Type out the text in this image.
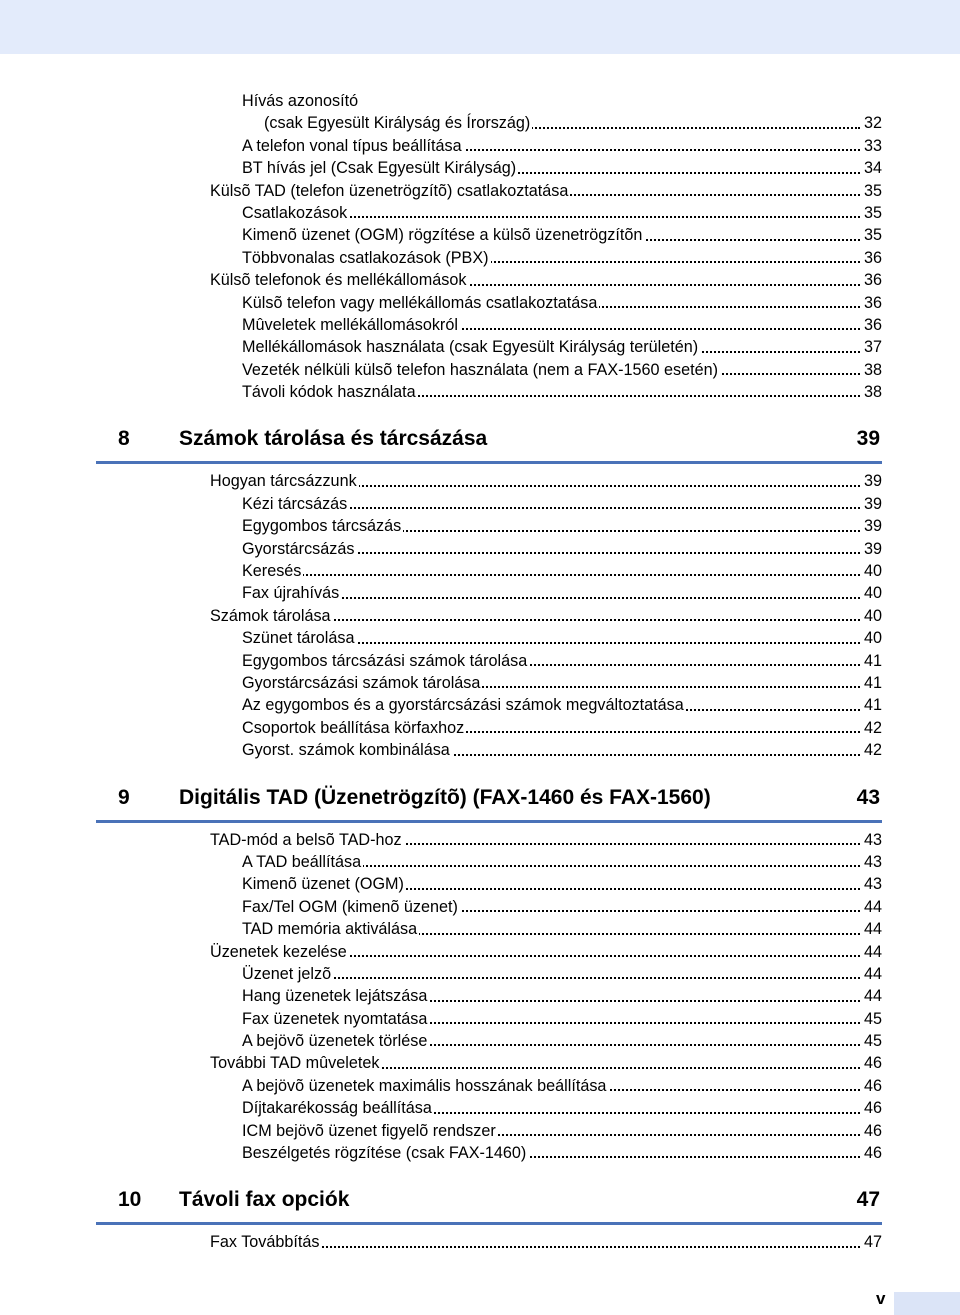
Hívás azonosító
(csak Egyesült Királyság és Írország)	32
A telefon vonal típus beállítása	33
BT hívás jel (Csak Egyesült Királyság)	34
Külsõ TAD (telefon üzenetrögzítõ) csatlakoztatása	35
Csatlakozások	35
Kimenõ üzenet (OGM) rögzítése a külsõ üzenetrögzítõn	35
Többvonalas csatlakozások (PBX)	36
Külsõ telefonok és mellékállomások	36
Külsõ telefon vagy mellékállomás csatlakoztatása	36
Mûveletek mellékállomásokról	36
Mellékállomások használata (csak Egyesült Királyság területén)	37
Vezeték nélküli külsõ telefon használata (nem a FAX-1560 esetén)	38
Távoli kódok használata	38
8 Számok tárolása és tárcsázása	39
Hogyan tárcsázzunk	39
Kézi tárcsázás	39
Egygombos tárcsázás	39
Gyorstárcsázás	39
Keresés	40
Fax újrahívás	40
Számok tárolása	40
Szünet tárolása	40
Egygombos tárcsázási számok tárolása	41
Gyorstárcsázási számok tárolása	41
Az egygombos és a gyorstárcsázási számok megváltoztatása	41
Csoportok beállítása körfaxhoz	42
Gyorst. számok kombinálása	42
9 Digitális TAD (Üzenetrögzítõ) (FAX-1460 és FAX-1560)	43
TAD-mód a belsõ TAD-hoz	43
A TAD beállítása	43
Kimenõ üzenet (OGM)	43
Fax/Tel OGM (kimenõ üzenet)	44
TAD memória aktiválása	44
Üzenetek kezelése	44
Üzenet jelzõ	44
Hang üzenetek lejátszása	44
Fax üzenetek nyomtatása	45
A bejövõ üzenetek törlése	45
További TAD mûveletek	46
A bejövõ üzenetek maximális hosszának beállítása	46
Díjtakarékosság beállítása	46
ICM bejövõ üzenet figyelõ rendszer	46
Beszélgetés rögzítése (csak FAX-1460)	46
10 Távoli fax opciók	47
Fax Továbbítás	47
v
